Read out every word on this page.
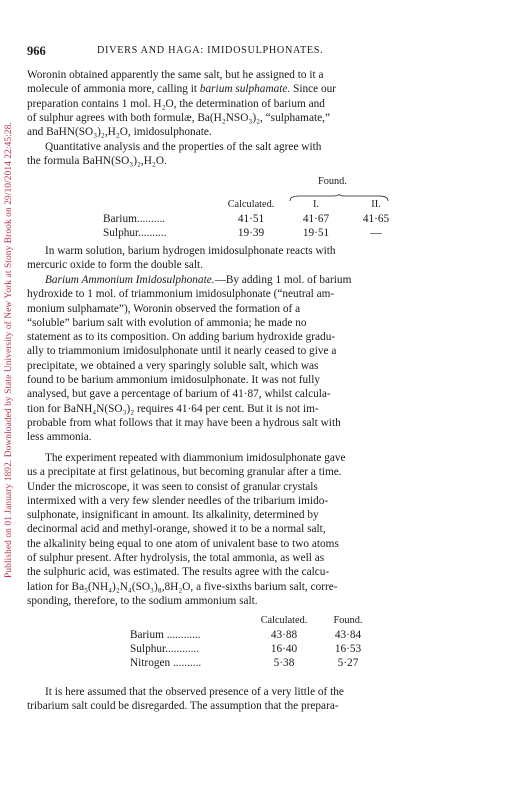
Published on 01 January 1892. Downloaded by State University of New York at Stony Brook on 29/10/2014 22:45:28.
966	DIVERS AND HAGA: IMIDOSULPHONATES.

Woronin obtained apparently the same salt, but he assigned to it a

molecule of ammonia more, calling it barium sulphamate. Since our

preparation contains 1 mol. H₂O, the determination of barium and

of sulphur agrees with both formulæ, Ba(H₂NSO₃)₂, “sulphamate,”

and BaHN(SO₃)₂,H₂O, imidosulphonate.

Quantitative analysis and the properties of the salt agree with

the formula BaHN(SO₃)₂,H₂O.

Found.
	Calculated.	I.	II.
Barium..........	41·51	41·67	41·65
Sulphur..........	19·39	19·51	—

In warm solution, barium hydrogen imidosulphonate reacts with

mercuric oxide to form the double salt.

Barium Ammonium Imidosulphonate.—By adding 1 mol. of barium

hydroxide to 1 mol. of triammonium imidosulphonate (“neutral am-

monium sulphamate”), Woronin observed the formation of a

“soluble” barium salt with evolution of ammonia; he made no

statement as to its composition. On adding barium hydroxide gradu-

ally to triammonium imidosulphonate until it nearly ceased to give a

precipitate, we obtained a very sparingly soluble salt, which was

found to be barium ammonium imidosulphonate. It was not fully

analysed, but gave a percentage of barium of 41·87, whilst calcula-

tion for BaNH₄N(SO₃)₂ requires 41·64 per cent. But it is not im-

probable from what follows that it may have been a hydrous salt with

less ammonia.

The experiment repeated with diammonium imidosulphonate gave

us a precipitate at first gelatinous, but becoming granular after a time.

Under the microscope, it was seen to consist of granular crystals

intermixed with a very few slender needles of the tribarium imido-

sulphonate, insignificant in amount. Its alkalinity, determined by

decinormal acid and methyl-orange, showed it to be a normal salt,

the alkalinity being equal to one atom of univalent base to two atoms

of sulphur present. After hydrolysis, the total ammonia, as well as

the sulphuric acid, was estimated. The results agree with the calcu-

lation for Ba₅(NH₄)₂N₄(SO₃)₈,8H₂O, a five-sixths barium salt, corre-

sponding, therefore, to the sodium ammonium salt.

	Calculated.	Found.
Barium ............	43·88	43·84
Sulphur............	16·40	16·53
Nitrogen ..........	5·38	5·27

It is here assumed that the observed presence of a very little of the

tribarium salt could be disregarded. The assumption that the prepara-
